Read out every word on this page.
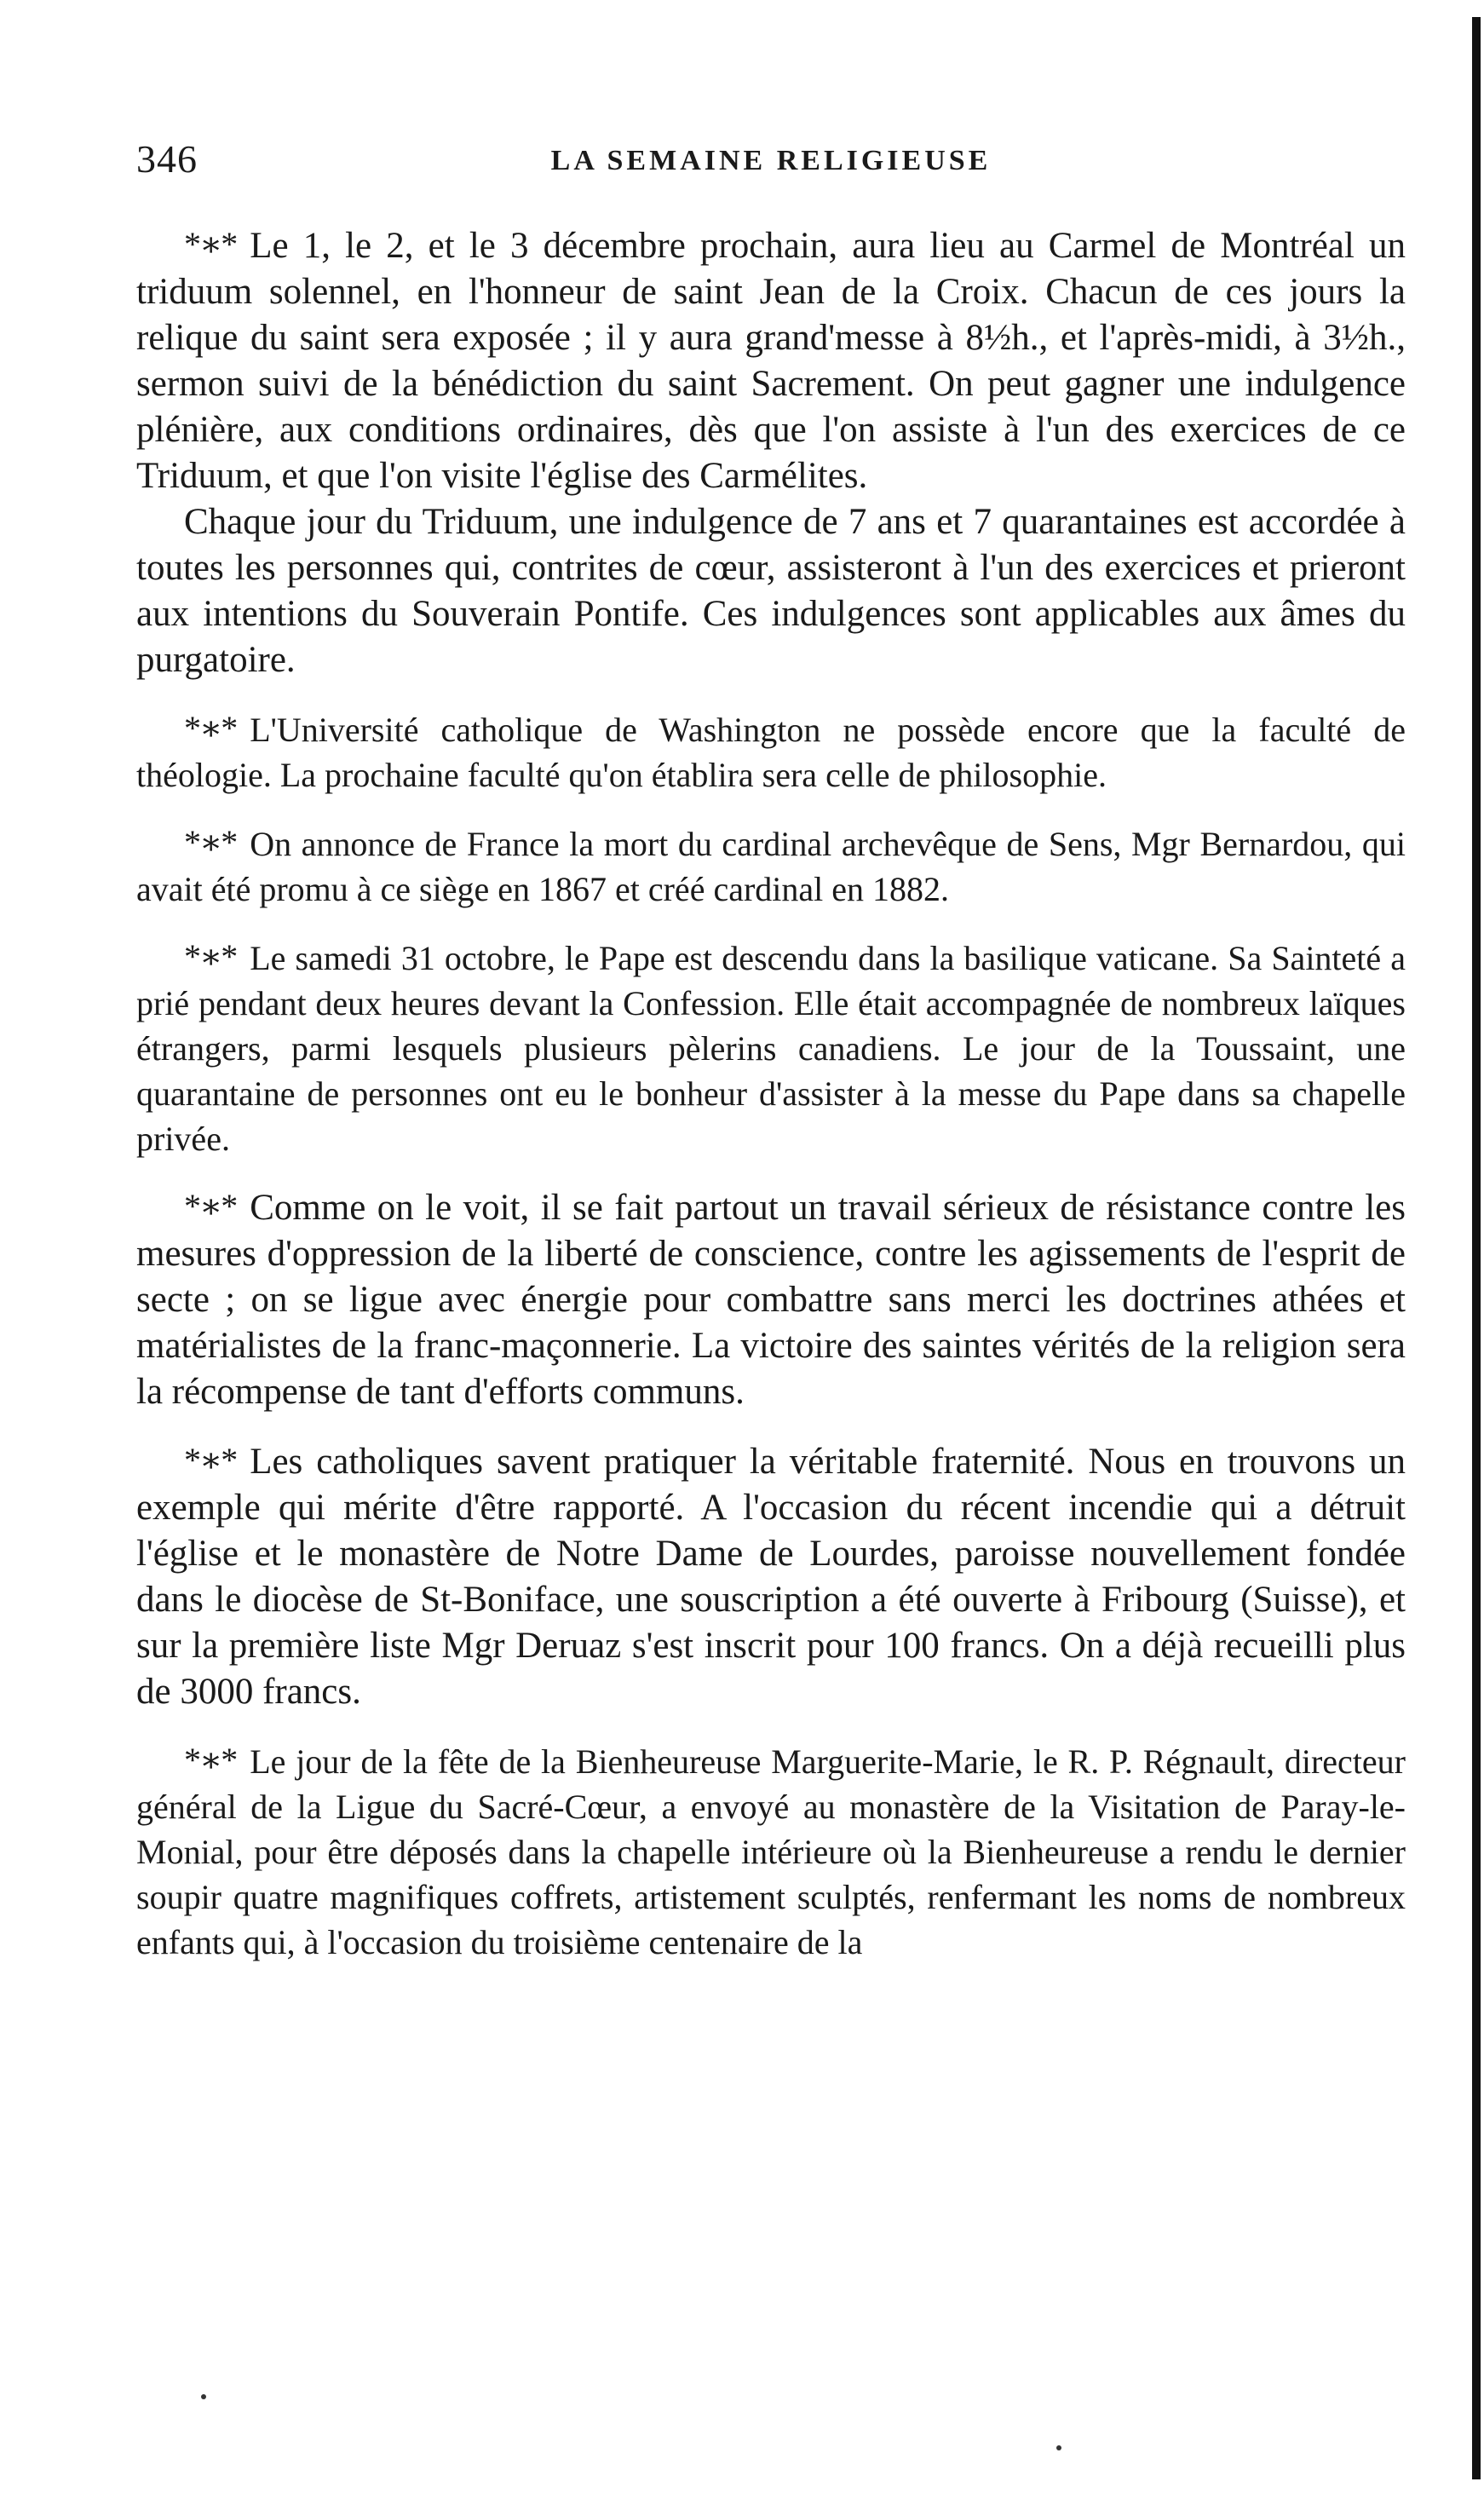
346	LA SEMAINE RELIGIEUSE

*∗* Le 1, le 2, et le 3 décembre prochain, aura lieu au Carmel de Montréal un triduum solennel, en l'honneur de saint Jean de la Croix. Chacun de ces jours la relique du saint sera exposée ; il y aura grand'messe à 8½h., et l'après-midi, à 3½h., sermon suivi de la bénédiction du saint Sacrement. On peut gagner une indulgence plénière, aux conditions ordinaires, dès que l'on assiste à l'un des exercices de ce Triduum, et que l'on visite l'église des Carmélites.

Chaque jour du Triduum, une indulgence de 7 ans et 7 quarantaines est accordée à toutes les personnes qui, contrites de cœur, assisteront à l'un des exercices et prieront aux intentions du Souverain Pontife. Ces indulgences sont applicables aux âmes du purgatoire.

*∗* L'Université catholique de Washington ne possède encore que la faculté de théologie. La prochaine faculté qu'on établira sera celle de philosophie.

*∗* On annonce de France la mort du cardinal archevêque de Sens, Mgr Bernardou, qui avait été promu à ce siège en 1867 et créé cardinal en 1882.

*∗* Le samedi 31 octobre, le Pape est descendu dans la basilique vaticane. Sa Sainteté a prié pendant deux heures devant la Confession. Elle était accompagnée de nombreux laïques étrangers, parmi lesquels plusieurs pèlerins canadiens. Le jour de la Toussaint, une quarantaine de personnes ont eu le bonheur d'assister à la messe du Pape dans sa chapelle privée.

*∗* Comme on le voit, il se fait partout un travail sérieux de résistance contre les mesures d'oppression de la liberté de conscience, contre les agissements de l'esprit de secte ; on se ligue avec énergie pour combattre sans merci les doctrines athées et matérialistes de la franc-maçonnerie. La victoire des saintes vérités de la religion sera la récompense de tant d'efforts communs.

*∗* Les catholiques savent pratiquer la véritable fraternité. Nous en trouvons un exemple qui mérite d'être rapporté. A l'occasion du récent incendie qui a détruit l'église et le monastère de Notre Dame de Lourdes, paroisse nouvellement fondée dans le diocèse de St-Boniface, une souscription a été ouverte à Fribourg (Suisse), et sur la première liste Mgr Deruaz s'est inscrit pour 100 francs. On a déjà recueilli plus de 3000 francs.

*∗* Le jour de la fête de la Bienheureuse Marguerite-Marie, le R. P. Régnault, directeur général de la Ligue du Sacré-Cœur, a envoyé au monastère de la Visitation de Paray-le-Monial, pour être déposés dans la chapelle intérieure où la Bienheureuse a rendu le dernier soupir quatre magnifiques coffrets, artistement sculptés, renfermant les noms de nombreux enfants qui, à l'occasion du troisième centenaire de la
